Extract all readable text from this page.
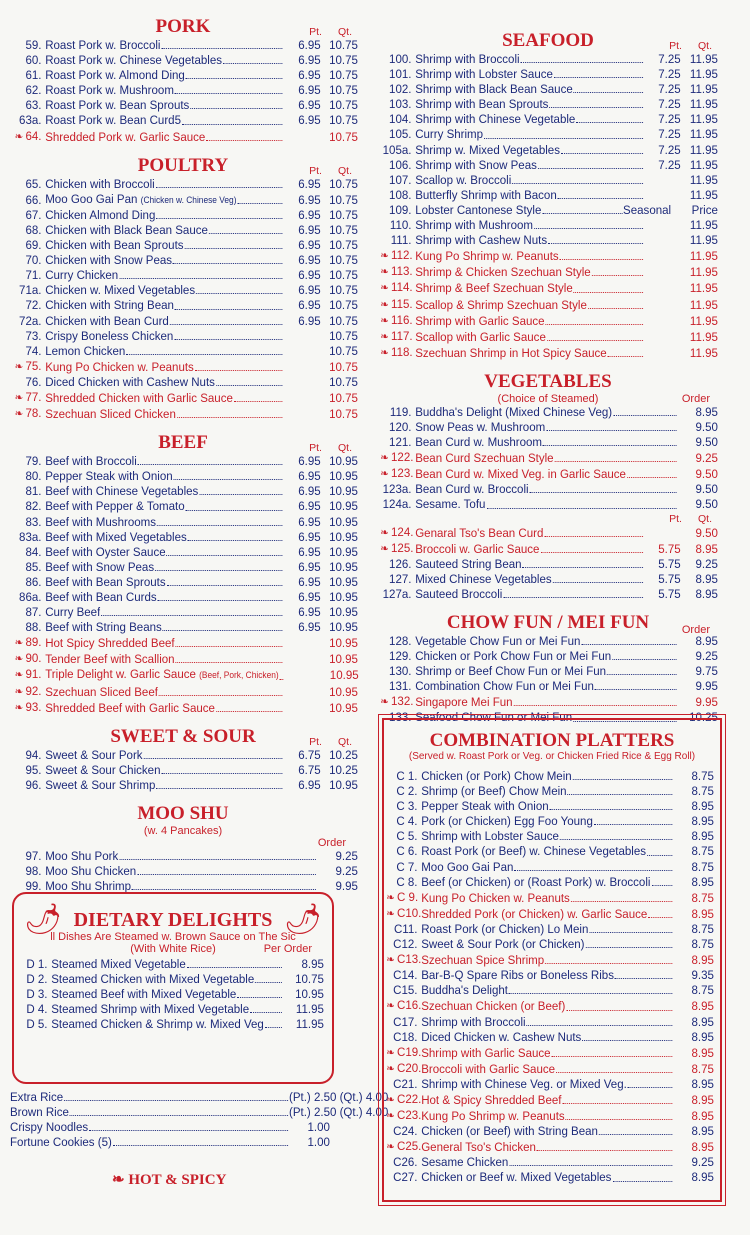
PORK	Pt. Qt.
59. Roast Pork w. Broccoli	6.95 10.75
60. Roast Pork w. Chinese Vegetables	6.95 10.75
61. Roast Pork w. Almond Ding	6.95 10.75
62. Roast Pork w. Mushroom	6.95 10.75
63. Roast Pork w. Bean Sprouts	6.95 10.75
63a. Roast Pork w. Bean Curd5	6.95 10.75
❧ 64. Shredded Pork w. Garlic Sauce	10.75
POULTRY	Pt. Qt.
65. Chicken with Broccoli	6.95 10.75
66. Moo Goo Gai Pan (Chicken w. Chinese Veg)	6.95 10.75
67. Chicken Almond Ding	6.95 10.75
68. Chicken with Black Bean Sauce	6.95 10.75
69. Chicken with Bean Sprouts	6.95 10.75
70. Chicken with Snow Peas	6.95 10.75
71. Curry Chicken	6.95 10.75
71a. Chicken w. Mixed Vegetables	6.95 10.75
72. Chicken with String Bean	6.95 10.75
72a. Chicken with Bean Curd	6.95 10.75
73. Crispy Boneless Chicken	10.75
74. Lemon Chicken	10.75
❧ 75. Kung Po Chicken w. Peanuts	10.75
76. Diced Chicken with Cashew Nuts	10.75
❧ 77. Shredded Chicken with Garlic Sauce	10.75
❧ 78. Szechuan Sliced Chicken	10.75
BEEF	Pt. Qt.
79. Beef with Broccoli	6.95 10.95
80. Pepper Steak with Onion	6.95 10.95
81. Beef with Chinese Vegetables	6.95 10.95
82. Beef with Pepper & Tomato	6.95 10.95
83. Beef with Mushrooms	6.95 10.95
83a. Beef with Mixed Vegetables	6.95 10.95
84. Beef with Oyster Sauce	6.95 10.95
85. Beef with Snow Peas	6.95 10.95
86. Beef with Bean Sprouts	6.95 10.95
86a. Beef with Bean Curds	6.95 10.95
87. Curry Beef	6.95 10.95
88. Beef with String Beans	6.95 10.95
❧ 89. Hot Spicy Shredded Beef	10.95
❧ 90. Tender Beef with Scallion	10.95
❧ 91. Triple Delight w. Garlic Sauce (Beef, Pork, Chicken)	10.95
❧ 92. Szechuan Sliced Beef	10.95
❧ 93. Shredded Beef with Garlic Sauce	10.95
SWEET & SOUR	Pt. Qt.
94. Sweet & Sour Pork	6.75 10.25
95. Sweet & Sour Chicken	6.75 10.25
96. Sweet & Sour Shrimp	6.95 10.95
MOO SHU
(w. 4 Pancakes)
Order
97. Moo Shu Pork	9.25
98. Moo Shu Chicken	9.25
99. Moo Shu Shrimp	9.95
🌶	🌶
DIETARY DELIGHTS
ll Dishes Are Steamed w. Brown Sauce on The Sic
(With White Rice)	Per Order
D 1. Steamed Mixed Vegetable	8.95
D 2. Steamed Chicken with Mixed Vegetable	10.75
D 3. Steamed Beef with Mixed Vegetable	10.95
D 4. Steamed Shrimp with Mixed Vegetable	11.95
D 5. Steamed Chicken & Shrimp w. Mixed Veg	11.95
Extra Rice	(Pt.) 2.50 (Qt.) 4.00
Brown Rice	(Pt.) 2.50 (Qt.) 4.00
Crispy Noodles	1.00
Fortune Cookies (5)	1.00
❧ HOT & SPICY
SEAFOOD	Pt. Qt.
100. Shrimp with Broccoli	7.25 11.95
101. Shrimp with Lobster Sauce	7.25 11.95
102. Shrimp with Black Bean Sauce	7.25 11.95
103. Shrimp with Bean Sprouts	7.25 11.95
104. Shrimp with Chinese Vegetable	7.25 11.95
105. Curry Shrimp	7.25 11.95
105a. Shrimp w. Mixed Vegetables	7.25 11.95
106. Shrimp with Snow Peas	7.25 11.95
107. Scallop w. Broccoli	11.95
108. Butterfly Shrimp with Bacon	11.95
109. Lobster Cantonese Style	Seasonal	Price
110. Shrimp with Mushroom	11.95
111. Shrimp with Cashew Nuts	11.95
❧ 112. Kung Po Shrimp w. Peanuts	11.95
❧ 113. Shrimp & Chicken Szechuan Style	11.95
❧ 114. Shrimp & Beef Szechuan Style	11.95
❧ 115. Scallop & Shrimp Szechuan Style	11.95
❧ 116. Shrimp with Garlic Sauce	11.95
❧ 117. Scallop with Garlic Sauce	11.95
❧ 118. Szechuan Shrimp in Hot Spicy Sauce	11.95
VEGETABLES
(Choice of Steamed)	Order
119. Buddha's Delight (Mixed Chinese Veg)	8.95
120. Snow Peas w. Mushroom	9.50
121. Bean Curd w. Mushroom	9.50
❧ 122. Bean Curd Szechuan Style	9.25
❧ 123. Bean Curd w. Mixed Veg. in Garlic Sauce	9.50
123a. Bean Curd w. Broccoli	9.50
124a. Sesame. Tofu	9.50
Pt. Qt.
❧ 124. Genaral Tso's Bean Curd	9.50
❧ 125. Broccoli w. Garlic Sauce	5.75	8.95
126. Sauteed String Bean	5.75	9.25
127. Mixed Chinese Vegetables	5.75	8.95
127a. Sauteed Broccoli	5.75	8.95
CHOW FUN / MEI FUN	Order
128. Vegetable Chow Fun or Mei Fun	8.95
129. Chicken or Pork Chow Fun or Mei Fun	9.25
130. Shrimp or Beef Chow Fun or Mei Fun	9.75
131. Combination Chow Fun or Mei Fun	9.95
❧ 132. Singapore Mei Fun	9.95
133. Seafood Chow Fun or Mei Fun	10.25
COMBINATION PLATTERS
(Served w. Roast Pork or Veg. or Chicken Fried Rice & Egg Roll)
C 1. Chicken (or Pork) Chow Mein	8.75
C 2. Shrimp (or Beef) Chow Mein	8.75
C 3. Pepper Steak with Onion	8.95
C 4. Pork (or Chicken) Egg Foo Young	8.95
C 5. Shrimp with Lobster Sauce	8.95
C 6. Roast Pork (or Beef) w. Chinese Vegetables	8.75
C 7. Moo Goo Gai Pan	8.75
C 8. Beef (or Chicken) or (Roast Pork) w. Broccoli	8.95
❧ C 9. Kung Po Chicken w. Peanuts	8.75
❧ C10. Shredded Pork (or Chicken) w. Garlic Sauce	8.95
C11. Roast Pork (or Chicken) Lo Mein	8.75
C12. Sweet & Sour Pork (or Chicken)	8.75
❧ C13. Szechuan Spice Shrimp	8.95
C14. Bar-B-Q Spare Ribs or Boneless Ribs	9.35
C15. Buddha's Delight	8.75
❧ C16. Szechuan Chicken (or Beef)	8.95
C17. Shrimp with Broccoli	8.95
C18. Diced Chicken w. Cashew Nuts	8.95
❧ C19. Shrimp with Garlic Sauce	8.95
❧ C20. Broccoli with Garlic Sauce	8.75
C21. Shrimp with Chinese Veg. or Mixed Veg.	8.95
❧ C22. Hot & Spicy Shredded Beef	8.95
❧ C23. Kung Po Shrimp w. Peanuts	8.95
C24. Chicken (or Beef) with String Bean	8.95
❧ C25. General Tso's Chicken	8.95
C26. Sesame Chicken	9.25
C27. Chicken or Beef w. Mixed Vegetables	8.95
